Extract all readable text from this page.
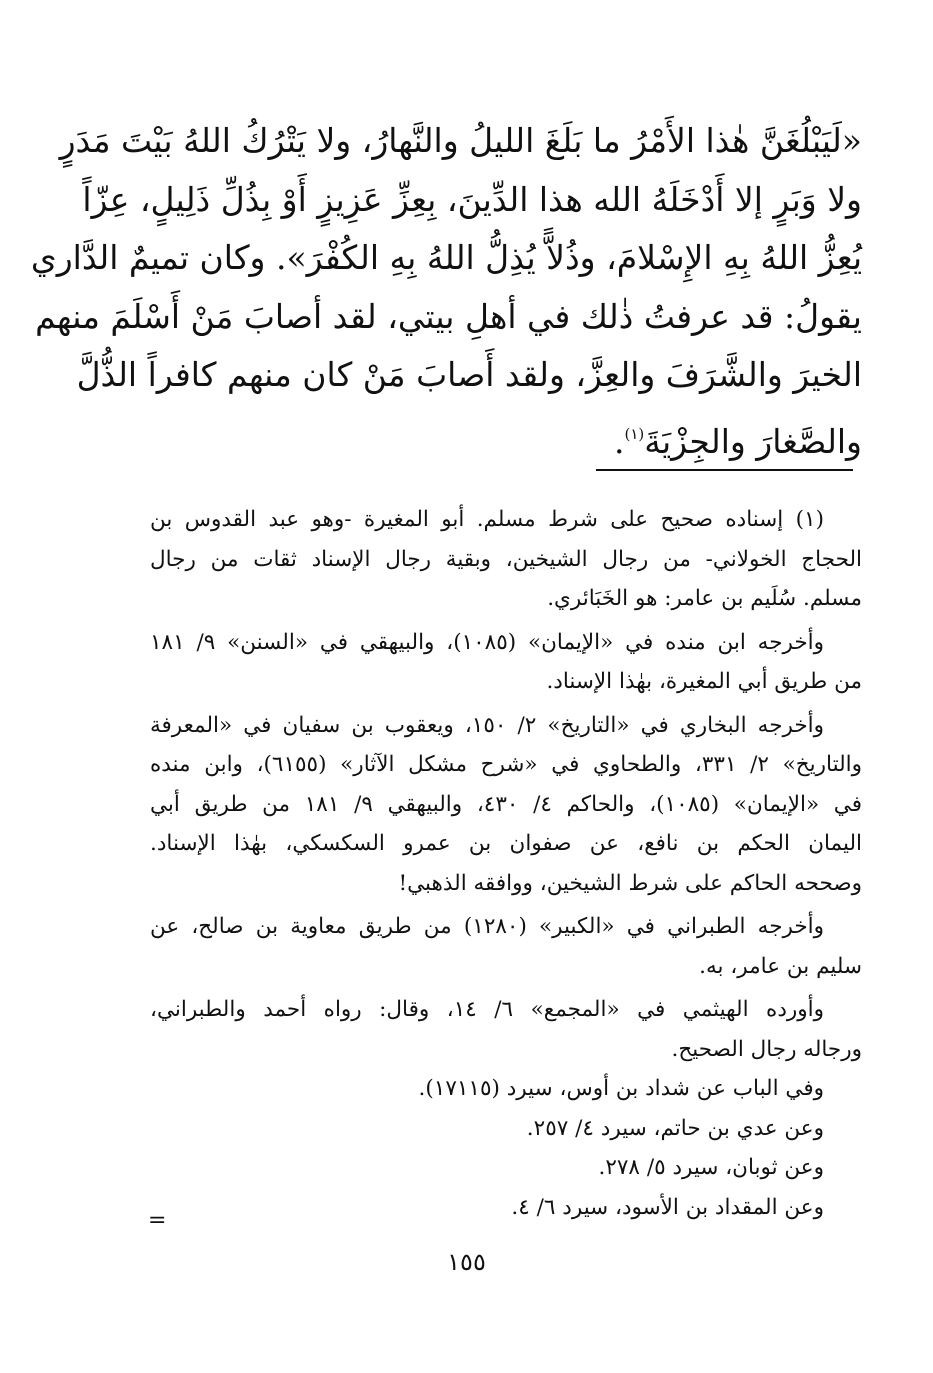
«لَيَبْلُغَنَّ هٰذا الأَمْرُ ما بَلَغَ الليلُ والنَّهارُ، ولا يَتْرُكُ اللهُ بَيْتَ مَدَرٍ
ولا وَبَرٍ إلا أَدْخَلَهُ الله هذا الدِّينَ، بِعِزِّ عَزِيزٍ أَوْ بِذُلِّ ذَلِيلٍ، عِزّاً
يُعِزُّ اللهُ بِهِ الإِسْلامَ، وذُلاًّ يُذِلُّ اللهُ بِهِ الكُفْرَ». وكان تميمٌ الدَّاري
يقولُ: قد عرفتُ ذٰلك في أهلِ بيتي، لقد أصابَ مَنْ أَسْلَمَ منهم
الخيرَ والشَّرَفَ والعِزَّ، ولقد أَصابَ مَنْ كان منهم كافراً الذُّلَّ
والصَّغارَ والجِزْيَةَ$^{(١)}$.
(١) إسناده صحيح على شرط مسلم. أبو المغيرة -وهو عبد القدوس بن
الحجاج الخولاني- من رجال الشيخين، وبقية رجال الإسناد ثقات من رجال
مسلم. سُلَيم بن عامر: هو الخَبَائري.
وأخرجه ابن منده في «الإيمان» (١٠٨٥)، والبيهقي في «السنن» ٩/ ١٨١
من طريق أبي المغيرة، بهٰذا الإسناد.
وأخرجه البخاري في «التاريخ» ٢/ ١٥٠، ويعقوب بن سفيان في «المعرفة
والتاريخ» ٢/ ٣٣١، والطحاوي في «شرح مشكل الآثار» (٦١٥٥)، وابن منده
في «الإيمان» (١٠٨٥)، والحاكم ٤/ ٤٣٠، والبيهقي ٩/ ١٨١ من طريق أبي
اليمان الحكم بن نافع، عن صفوان بن عمرو السكسكي، بهٰذا الإسناد.
وصححه الحاكم على شرط الشيخين، ووافقه الذهبي!
وأخرجه الطبراني في «الكبير» (١٢٨٠) من طريق معاوية بن صالح، عن
سليم بن عامر، به.
وأورده الهيثمي في «المجمع» ٦/ ١٤، وقال: رواه أحمد والطبراني،
ورجاله رجال الصحيح.
وفي الباب عن شداد بن أوس، سيرد (١٧١١٥).
وعن عدي بن حاتم، سيرد ٤/ ٢٥٧.
وعن ثوبان، سيرد ٥/ ٢٧٨.
وعن المقداد بن الأسود، سيرد ٦/ ٤.
=
١٥٥
